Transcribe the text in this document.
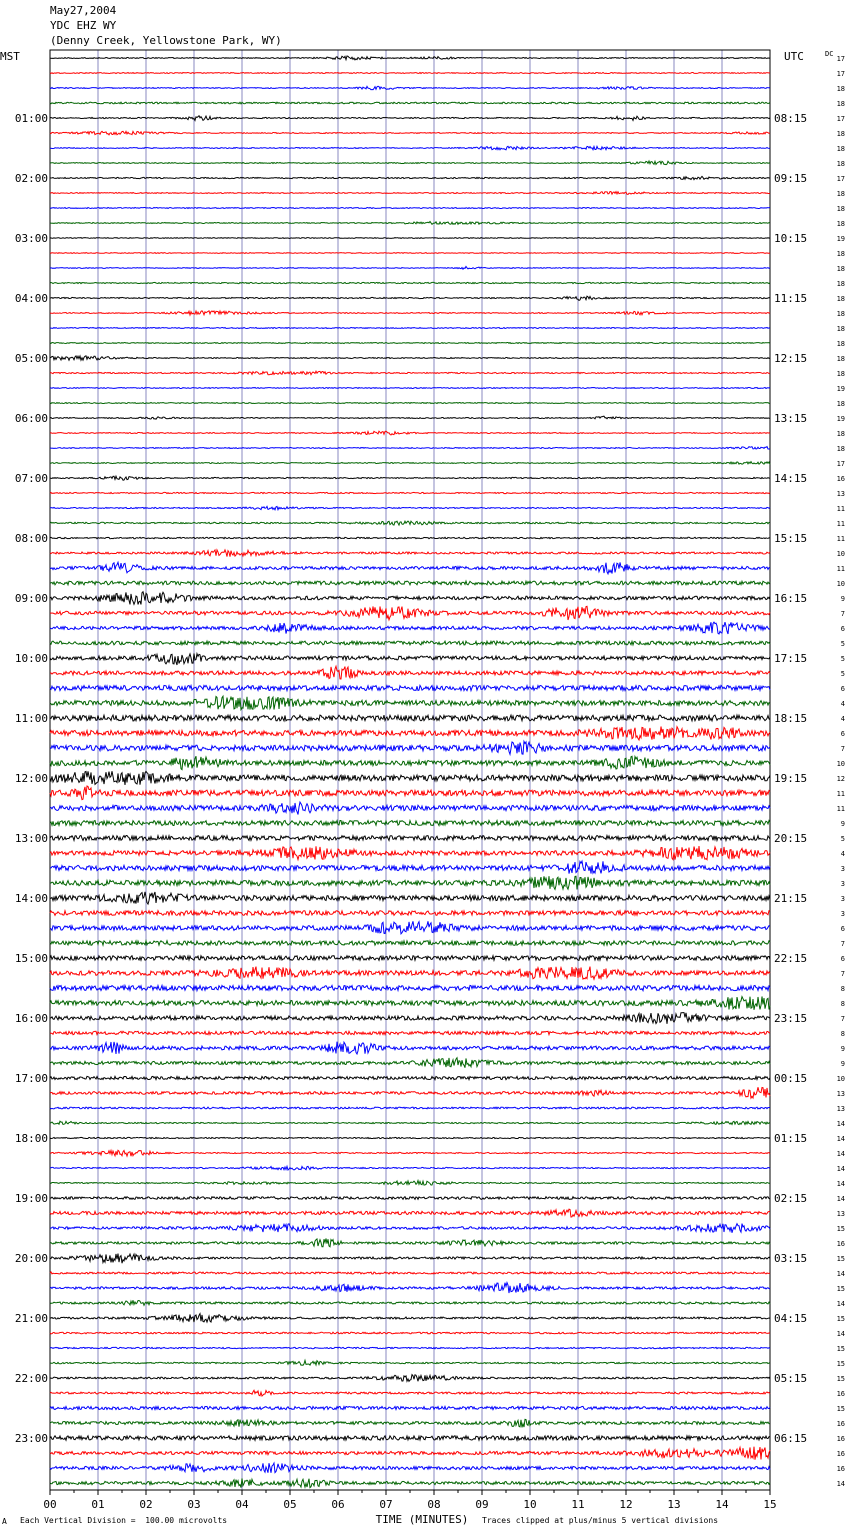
May27,2004
YDC EHZ WY
(Denny Creek, Yellowstone Park, WY)
MST	UTC	DC
01:00
02:00
03:00
04:00
05:00
06:00
07:00
08:00
09:00
10:00
11:00
12:00
13:00
14:00
15:00
16:00
17:00
18:00
19:00
20:00
21:00
22:00
23:00
08:15
09:15
10:15
11:15
12:15
13:15
14:15
15:15
16:15
17:15
18:15
19:15
20:15
21:15
22:15
23:15
00:15
01:15
02:15
03:15
04:15
05:15
06:15
17
17
18
18
17
18
18
18
17
18
18
18
19
18
18
18
18
18
18
18
18
18
19
18
19
18
18
17
16
13
11
11
11
10
11
10
9
7
6
5
5
5
6
4
4
6
7
10
12
11
11
9
5
4
3
3
3
3
6
7
6
7
8
8
7
8
9
9
10
13
13
14
14
14
14
14
14
13
15
16
15
14
15
14
15
14
15
15
15
16
15
16
16
16
16
14
00	01	02	03	04	05	06	07	08	09	10	11	12	13	14	15
TIME (MINUTES)
A Each Vertical Division =  100.00 microvolts	Traces clipped at plus/minus 5 vertical divisions
